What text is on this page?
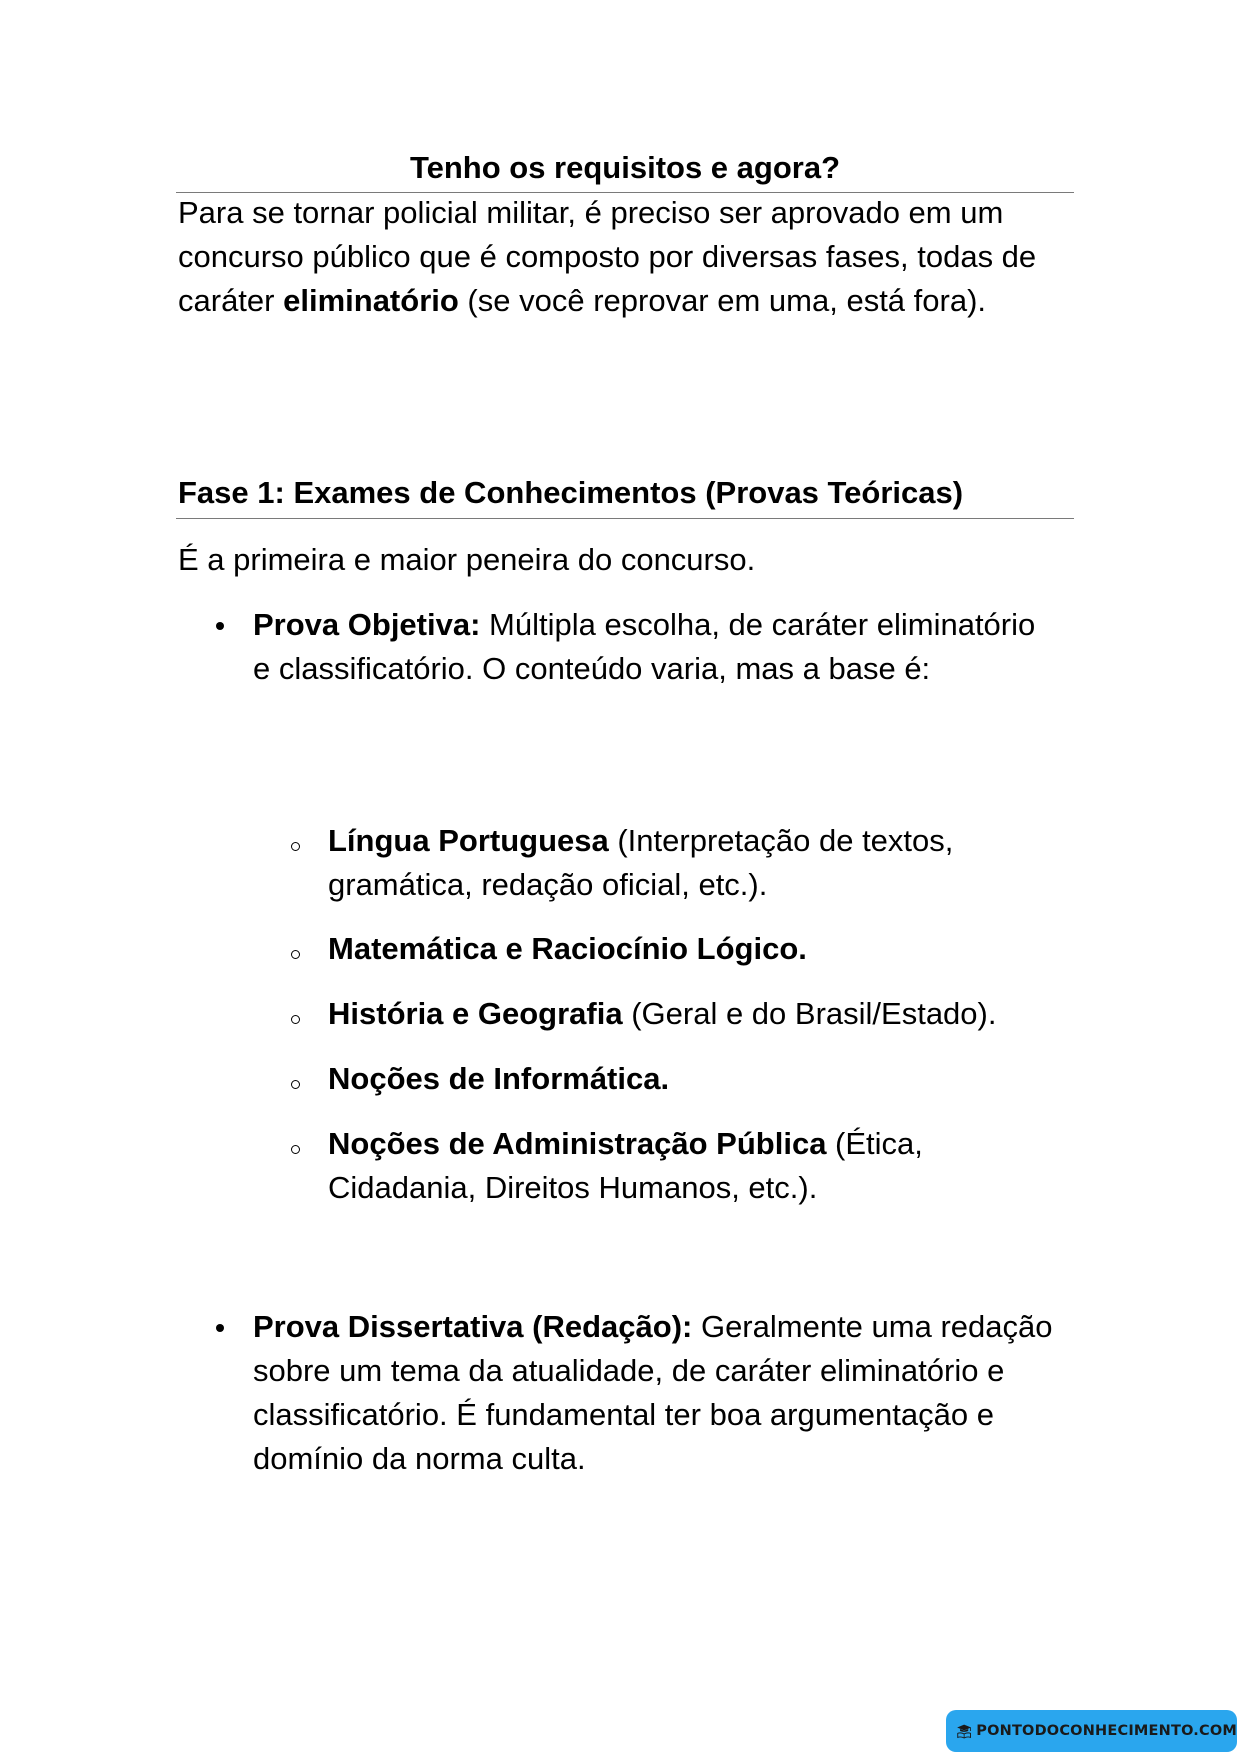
Tenho os requisitos e agora?

Para se tornar policial militar, é preciso ser aprovado em um concurso público que é composto por diversas fases, todas de caráter eliminatório (se você reprovar em uma, está fora).

Fase 1: Exames de Conhecimentos (Provas Teóricas)

É a primeira e maior peneira do concurso.

Prova Objetiva: Múltipla escolha, de caráter eliminatório e classificatório. O conteúdo varia, mas a base é:

Língua Portuguesa (Interpretação de textos, gramática, redação oficial, etc.).

Matemática e Raciocínio Lógico.

História e Geografia (Geral e do Brasil/Estado).

Noções de Informática.

Noções de Administração Pública (Ética, Cidadania, Direitos Humanos, etc.).

Prova Dissertativa (Redação): Geralmente uma redação sobre um tema da atualidade, de caráter eliminatório e classificatório. É fundamental ter boa argumentação e domínio da norma culta.

PONTODOCONHECIMENTO.COM
